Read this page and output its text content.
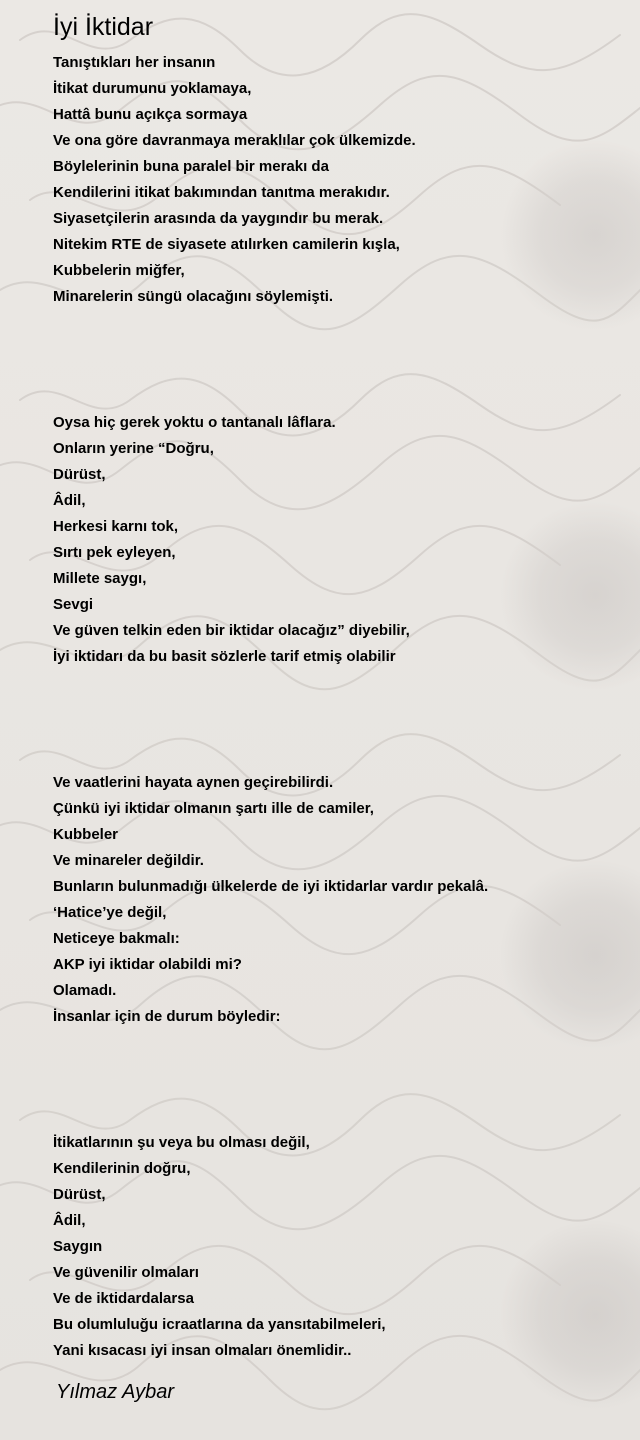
İyi İktidar
Tanıştıkları her insanın
İtikat durumunu yoklamaya,
Hattâ bunu açıkça sormaya
Ve ona göre davranmaya meraklılar çok ülkemizde.
Böylelerinin buna paralel bir merakı da
Kendilerini itikat bakımından tanıtma merakıdır.
Siyasetçilerin arasında da yaygındır bu merak.
Nitekim RTE de siyasete atılırken camilerin kışla,
Kubbelerin miğfer,
Minarelerin süngü olacağını söylemişti.
Oysa hiç gerek yoktu o tantanalı lâflara.
Onların yerine “Doğru,
Dürüst,
Âdil,
Herkesi karnı tok,
Sırtı pek eyleyen,
Millete saygı,
Sevgi
Ve güven telkin eden bir iktidar olacağız” diyebilir,
İyi iktidarı da bu basit sözlerle tarif etmiş olabilir
Ve vaatlerini hayata aynen geçirebilirdi.
Çünkü iyi iktidar olmanın şartı ille de camiler,
Kubbeler
Ve minareler değildir.
Bunların bulunmadığı ülkelerde de iyi iktidarlar vardır pekalâ.
‘Hatice’ye değil,
Neticeye bakmalı:
AKP iyi iktidar olabildi mi?
Olamadı.
İnsanlar için de durum böyledir:
İtikatlarının şu veya bu olması değil,
Kendilerinin doğru,
Dürüst,
Âdil,
Saygın
Ve güvenilir olmaları
Ve de iktidardalarsa
Bu olumluluğu icraatlarına da yansıtabilmeleri,
Yani kısacası iyi insan olmaları önemlidir..
Yılmaz Aybar
